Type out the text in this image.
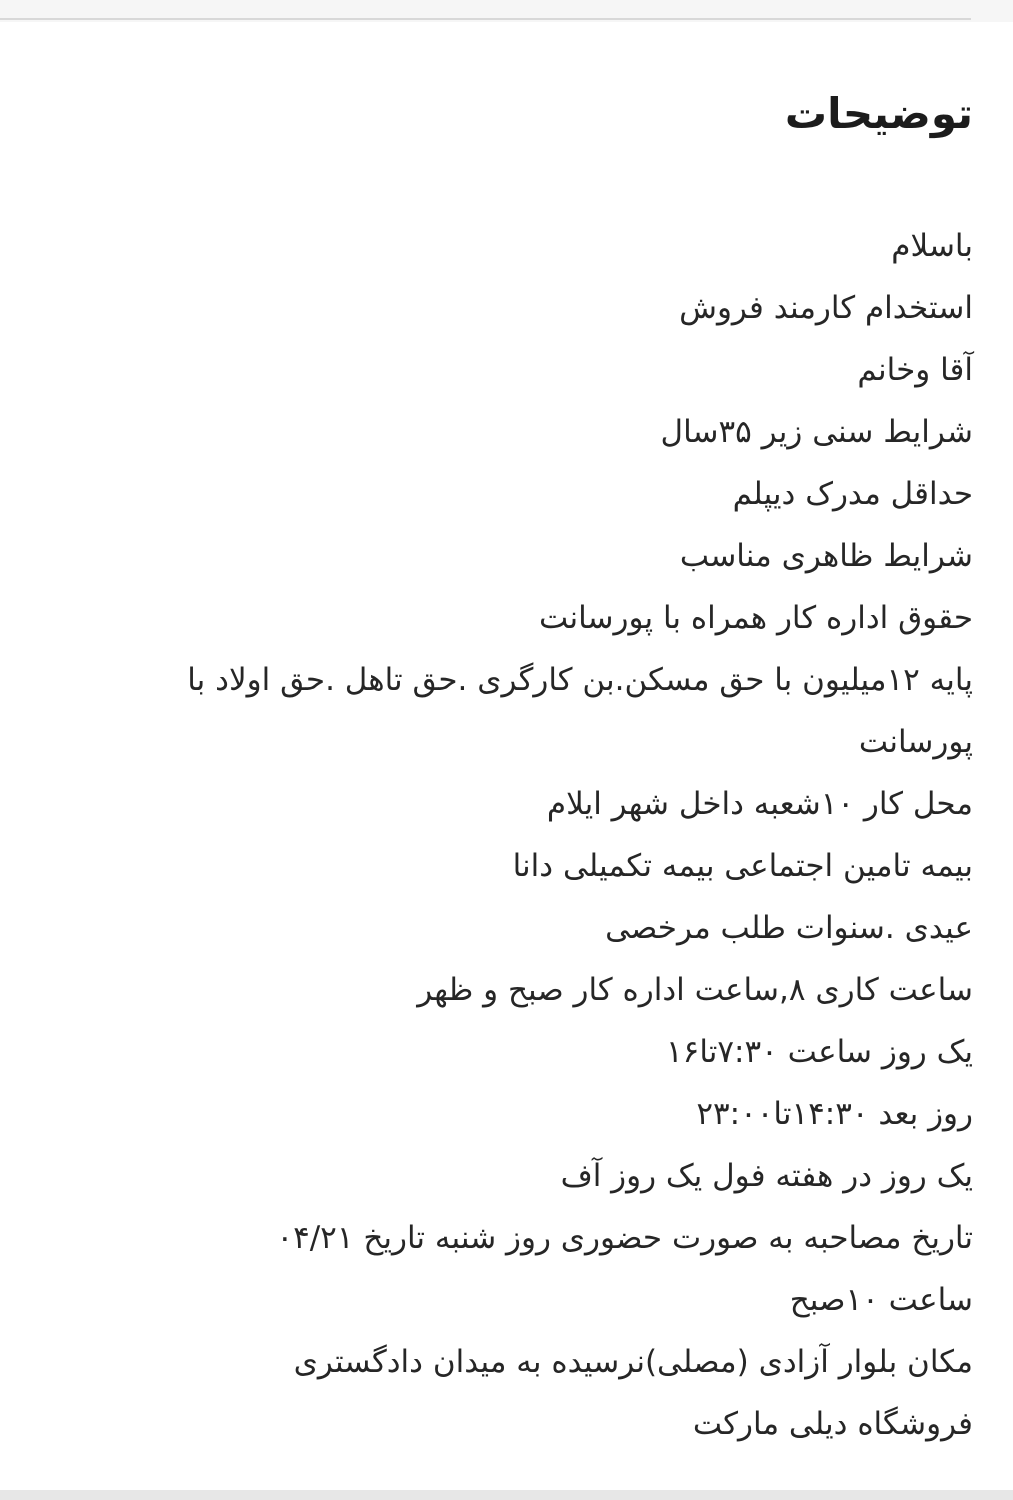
توضیحات
باسلام
استخدام کارمند فروش
آقا وخانم
شرایط سنی زیر ۳۵سال
حداقل مدرک دیپلم
شرایط ظاهری مناسب
حقوق اداره کار همراه با پورسانت
پایه ۱۲میلیون با حق مسکن.بن کارگری .حق تاهل .حق اولاد با پورسانت
محل کار ۱۰شعبه داخل شهر ایلام
بیمه تامین اجتماعی بیمه تکمیلی دانا
عیدی .سنوات طلب مرخصی
ساعت کاری ۸,ساعت اداره کار صبح و ظهر
یک روز ساعت ۷:۳۰تا۱۶
روز بعد ۱۴:۳۰تا۲۳:۰۰
یک روز در هفته فول یک روز آف
تاریخ مصاحبه به صورت حضوری روز شنبه تاریخ ۰۴/۲۱
ساعت ۱۰صبح
مکان بلوار آزادی (مصلی)نرسیده به میدان دادگستری
فروشگاه دیلی مارکت
